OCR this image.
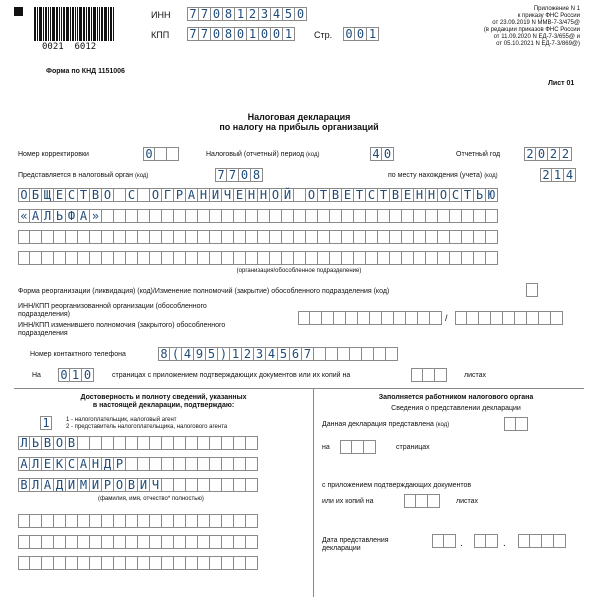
0021  6012
ИНН 7 7 0 8 1 2 3 4 5 0
КПП 7 7 0 8 0 1 0 0 1	Стр. 0 0 1
Приложение N 1
к приказу ФНС России
от 23.09.2019 N ММВ-7-3/475@
(в редакции приказов ФНС России
от 11.09.2020 N ЕД-7-3/655@ и
от 05.10.2021 N ЕД-7-3/869@)
Форма по КНД 1151006
Лист 01
Налоговая декларация
по налогу на прибыль организаций
Номер корректировки	0	Налоговый (отчетный) период (код)	4 0	Отчетный год 2 0 2 2
Представляется в налоговый орган (код)	7 7 0 8	по месту нахождения (учета) (код)	2 1 4
О Б Щ Е С Т В О С О Г Р А Н И Ч Е Н Н О Й О Т В Е Т С Т В Е Н Н О С Т Ь Ю
« А Л Ь Ф А »
(организация/обособленное подразделение)
Форма реорганизации (ликвидация) (код)/Изменение полномочий (закрытие) обособленного подразделения (код)
ИНН/КПП реорганизованной организации (обособленного
подразделения)
ИНН/КПП изменившего полномочия (закрытого) обособленного
подразделения
/
Номер контактного телефона	8 ( 4 9 5 ) 1 2 3 4 5 6 7
На 0 1 0	страницах с приложением подтверждающих документов или их копий на	листах
Достоверность и полноту сведений, указанных
в настоящей декларации, подтверждаю:
1	1 - налогоплательщик, налоговый агент
2 - представитель налогоплательщика, налогового агента
Л Ь В О В
А Л Е К С А Н Д Р
В Л А Д И М И Р О В И Ч
(фамилия, имя, отчество* полностью)
Заполняется работником налогового органа
Сведения о представлении декларации
Данная декларация представлена (код)
на	страницах
с приложением подтверждающих документов
или их копий на	листах
Дата представления
декларации	.	.
